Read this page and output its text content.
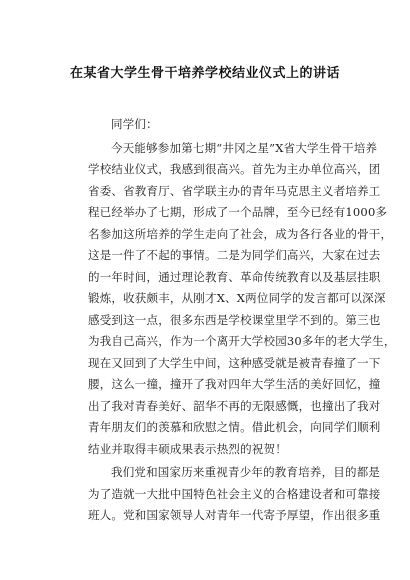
在某省大学生骨干培养学校结业仪式上的讲话
同学们：
今天能够参加第七期“井冈之星”X省大学生骨干培养
学校结业仪式，我感到很高兴。首先为主办单位高兴，团
省委、省教育厅、省学联主办的青年马克思主义者培养工
程已经举办了七期，形成了一个品牌，至今已经有1000多
名参加这所培养的学生走向了社会，成为各行各业的骨干，
这是一件了不起的事情。二是为同学们高兴，大家在过去
的一年时间，通过理论教育、革命传统教育以及基层挂职
锻炼，收获颇丰，从刚才X、X两位同学的发言都可以深深
感受到这一点，很多东西是学校课堂里学不到的。第三也
为我自己高兴，作为一个离开大学校园30多年的老大学生，
现在又回到了大学生中间，这种感受就是被青春撞了一下
腰，这么一撞，撞开了我对四年大学生活的美好回忆，撞
出了我对青春美好、韶华不再的无限感慨，也撞出了我对
青年朋友们的羡慕和欣慰之情。借此机会，向同学们顺利
结业并取得丰硕成果表示热烈的祝贺！
我们党和国家历来重视青少年的教育培养，目的都是
为了造就一大批中国特色社会主义的合格建设者和可靠接
班人。党和国家领导人对青年一代寄予厚望，作出很多重
